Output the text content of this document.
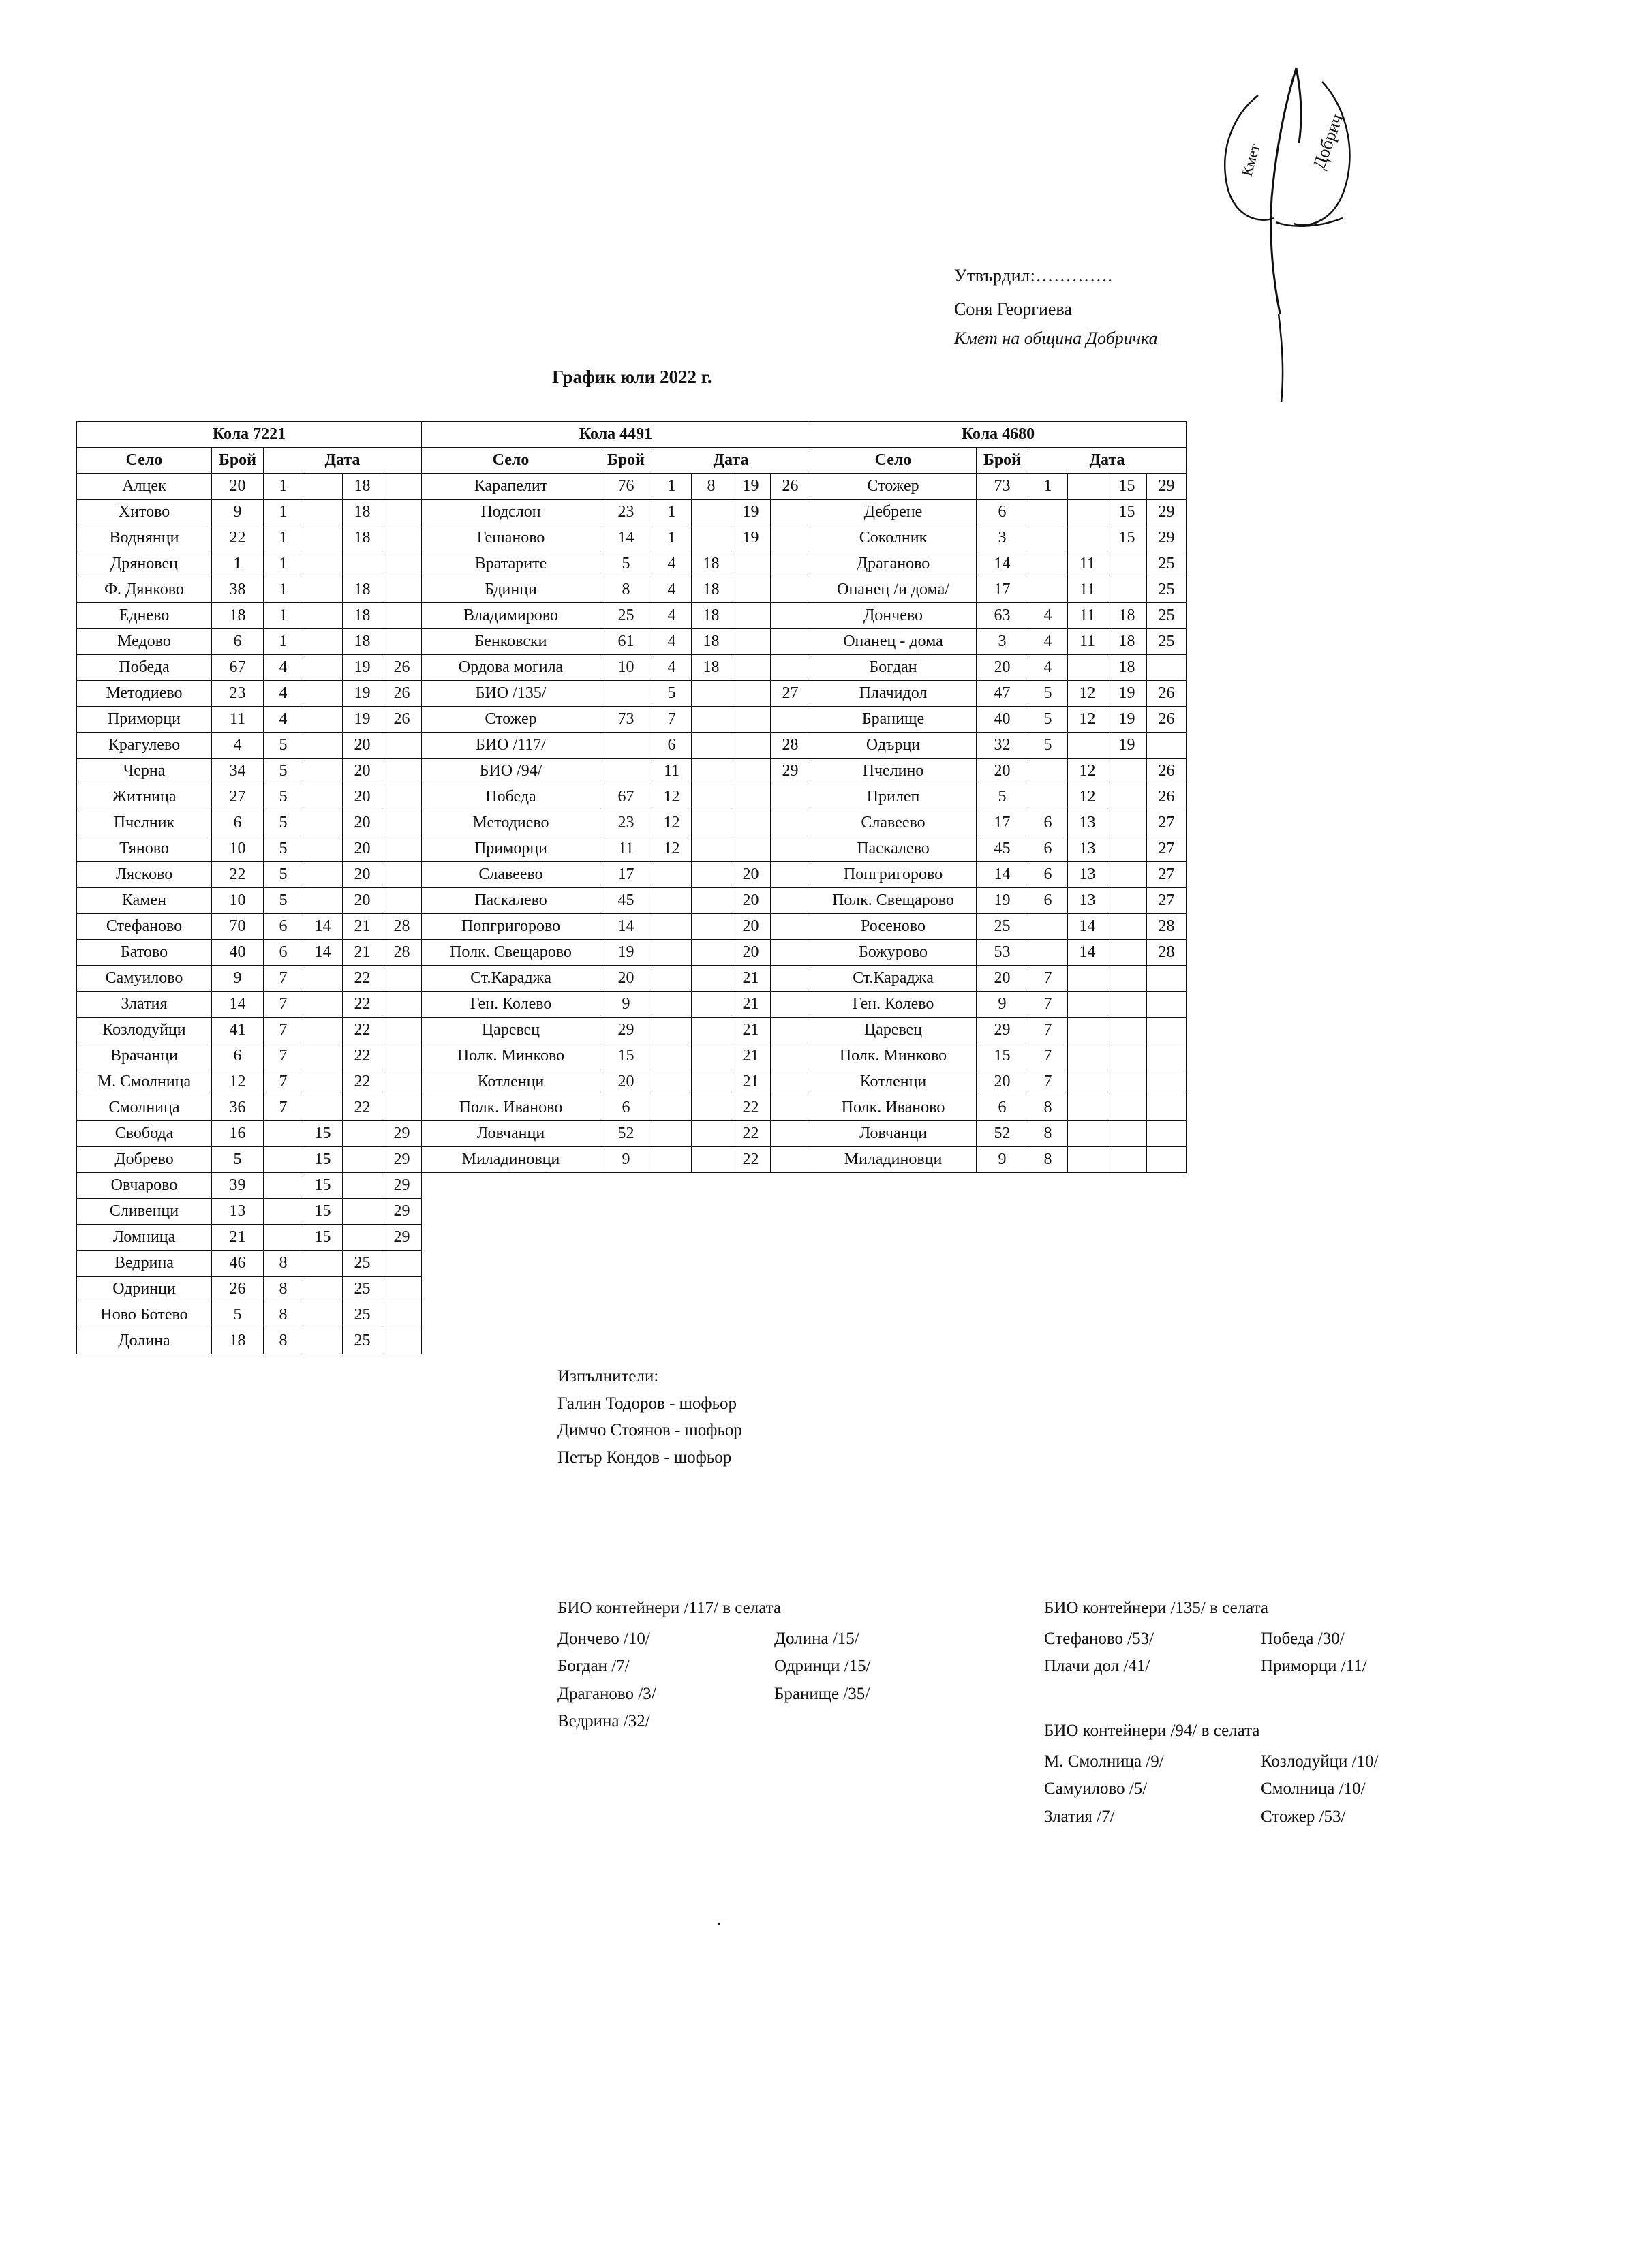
Добрич
Кмет
Утвърдил:………….
Соня Георгиева
Кмет на община Добричка
График юли 2022 г.
Кола 7221						Кола 4491						Кола 4680					
Село	Брой	Дата				Село	Брой	Дата				Село	Брой	Дата			
Алцек	20	1		18		Карапелит	76	1	8	19	26	Стожер	73	1		15	29
Хитово	9	1		18		Подслон	23	1		19		Дебрене	6			15	29
Воднянци	22	1		18		Гешаново	14	1		19		Соколник	3			15	29
Дряновец	1	1				Вратарите	5	4	18			Драганово	14		11		25
Ф. Дянково	38	1		18		Бдинци	8	4	18			Опанец /и дома/	17		11		25
Еднево	18	1		18		Владимирово	25	4	18			Дончево	63	4	11	18	25
Медово	6	1		18		Бенковски	61	4	18			Опанец - дома	3	4	11	18	25
Победа	67	4		19	26	Ордова могила	10	4	18			Богдан	20	4		18	
Методиево	23	4		19	26	БИО /135/		5			27	Плачидол	47	5	12	19	26
Приморци	11	4		19	26	Стожер	73	7				Бранище	40	5	12	19	26
Крагулево	4	5		20		БИО /117/		6			28	Одърци	32	5		19	
Черна	34	5		20		БИО /94/		11			29	Пчелино	20		12		26
Житница	27	5		20		Победа	67	12				Прилеп	5		12		26
Пчелник	6	5		20		Методиево	23	12				Славеево	17	6	13		27
Тяново	10	5		20		Приморци	11	12				Паскалево	45	6	13		27
Лясково	22	5		20		Славеево	17			20		Попгригорово	14	6	13		27
Камен	10	5		20		Паскалево	45			20		Полк. Свещарово	19	6	13		27
Стефаново	70	6	14	21	28	Попгригорово	14			20		Росеново	25		14		28
Батово	40	6	14	21	28	Полк. Свещарово	19			20		Божурово	53		14		28
Самуилово	9	7		22		Ст.Караджа	20			21		Ст.Караджа	20	7			
Златия	14	7		22		Ген. Колево	9			21		Ген. Колево	9	7			
Козлодуйци	41	7		22		Царевец	29			21		Царевец	29	7			
Врачанци	6	7		22		Полк. Минково	15			21		Полк. Минково	15	7			
М. Смолница	12	7		22		Котленци	20			21		Котленци	20	7			
Смолница	36	7		22		Полк. Иваново	6			22		Полк. Иваново	6	8			
Свобода	16		15		29	Ловчанци	52			22		Ловчанци	52	8			
Добрево	5		15		29	Миладиновци	9			22		Миладиновци	9	8			
Овчарово	39		15		29												
Сливенци	13		15		29												
Ломница	21		15		29												
Ведрина	46	8		25													
Одринци	26	8		25													
Ново Ботево	5	8		25													
Долина	18	8		25													
Изпълнители:
Галин Тодоров - шофьор
Димчо Стоянов - шофьор
Петър Кондов - шофьор
БИО контейнери /117/ в селата
Дончево /10/
Богдан /7/
Драганово /3/
Ведрина /32/
Долина /15/
Одринци /15/
Бранище /35/
БИО контейнери /135/ в селата
Стефаново /53/
Плачи дол /41/
Победа /30/
Приморци /11/
БИО контейнери /94/ в селата
М. Смолница /9/
Самуилово /5/
Златия /7/
Козлодуйци /10/
Смолница /10/
Стожер /53/
.
